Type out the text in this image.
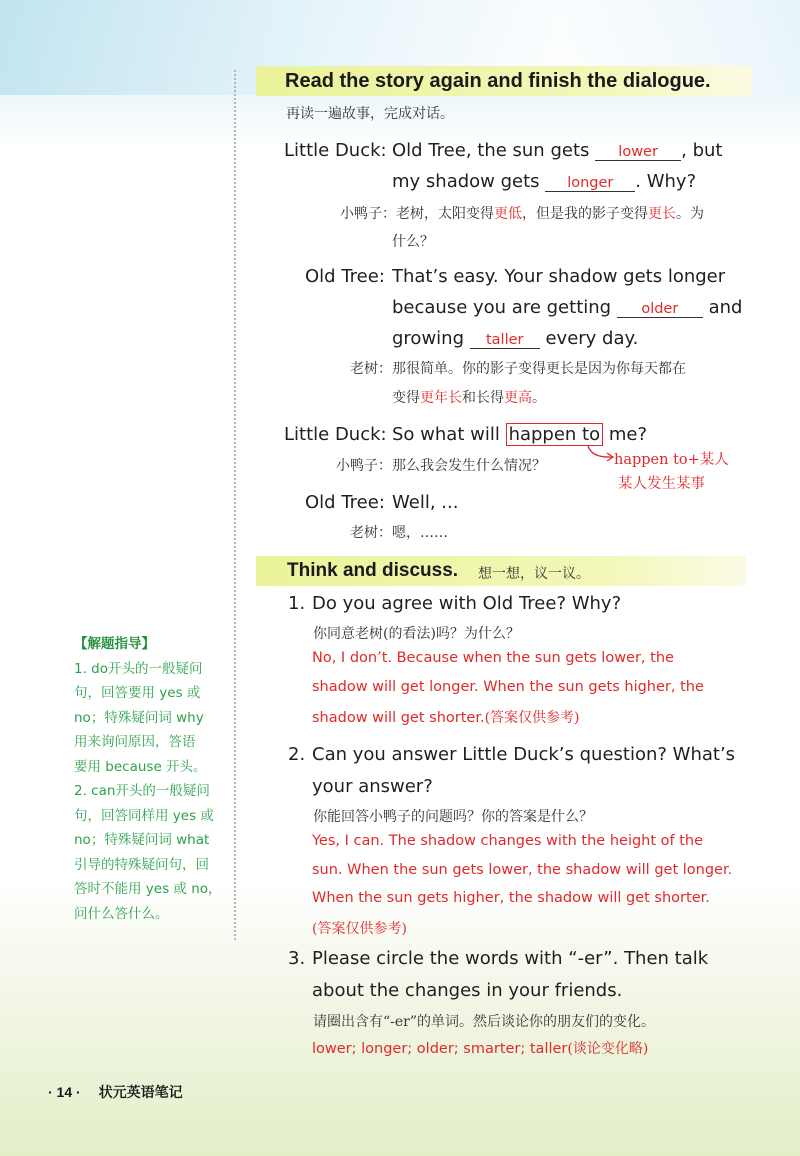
Read the story again and finish the dialogue.
再读一遍故事，完成对话。
Little Duck: Old Tree, the sun gets lower , but
my shadow gets longer . Why?
小鸭子：老树，太阳变得更低，但是我的影子变得更长。为
什么？
Old Tree: That’s easy. Your shadow gets longer
because you are getting older and
growing taller every day.
老树：那很简单。你的影子变得更长是因为你每天都在
变得更年长和长得更高。
Little Duck: So what will happen to me?
小鸭子：那么我会发生什么情况？	happen to+某人
某人发生某事
Old Tree: Well, ...
老树：嗯，……
Think and discuss. 想一想，议一议。
1. Do you agree with Old Tree? Why?
你同意老树(的看法)吗？为什么？
No, I don’t. Because when the sun gets lower, the
shadow will get longer. When the sun gets higher, the
shadow will get shorter.(答案仅供参考)
2. Can you answer Little Duck’s question? What’s
your answer?
你能回答小鸭子的问题吗？你的答案是什么？
Yes, I can. The shadow changes with the height of the
sun. When the sun gets lower, the shadow will get longer.
When the sun gets higher, the shadow will get shorter.
(答案仅供参考)
3. Please circle the words with “-er”. Then talk
about the changes in your friends.
请圈出含有“-er”的单词。然后谈论你的朋友们的变化。
lower; longer; older; smarter; taller(谈论变化略)
【解题指导】
1. do开头的一般疑问
句，回答要用 yes 或
no；特殊疑问词 why
用来询问原因，答语
要用 because 开头。
2. can开头的一般疑问
句，回答同样用 yes 或
no；特殊疑问词 what
引导的特殊疑问句，回
答时不能用 yes 或 no，
问什么答什么。
· 14 · 状元英语笔记
